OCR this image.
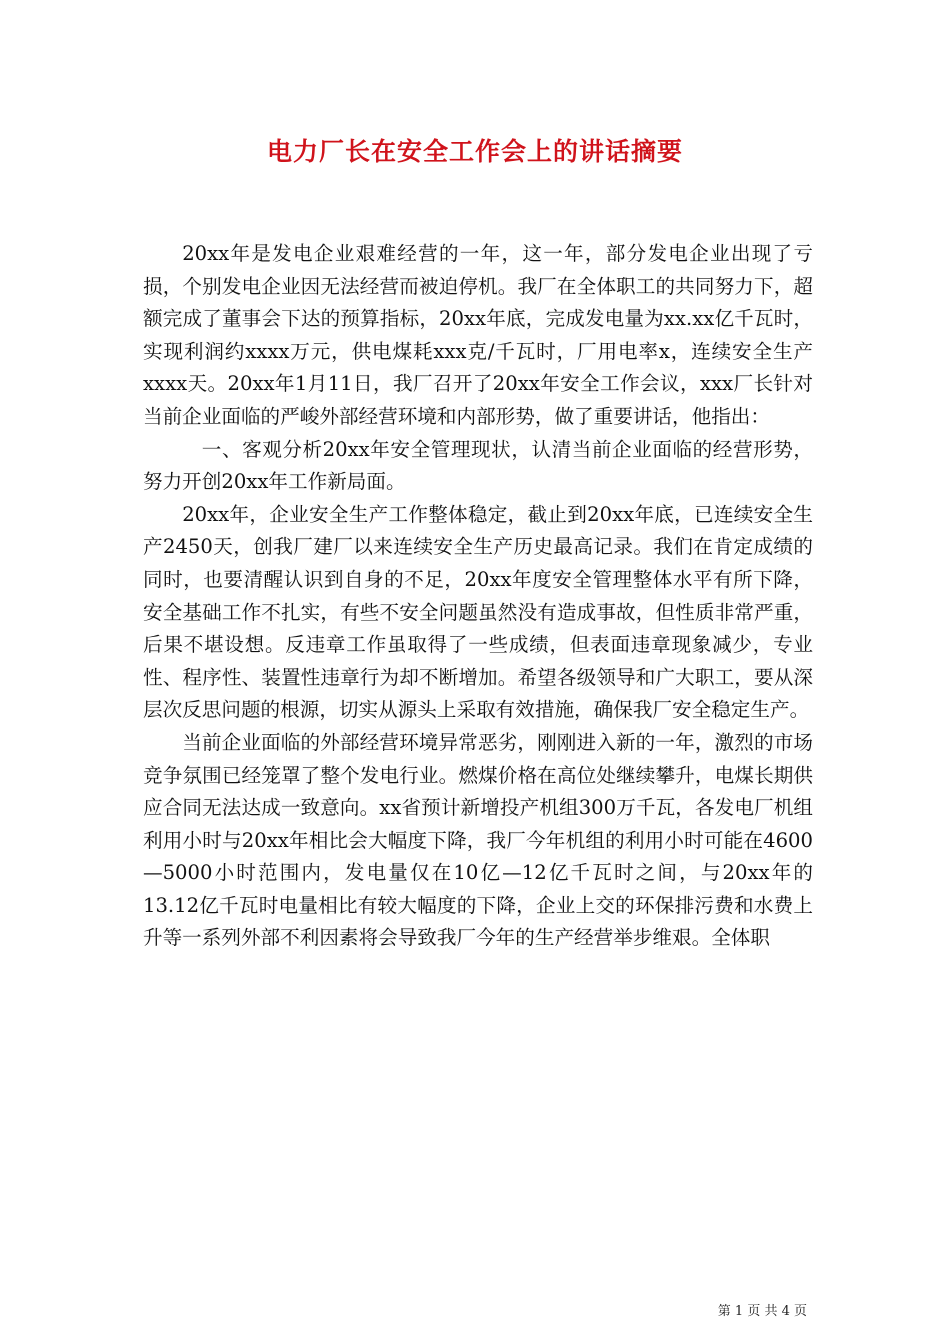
电力厂长在安全工作会上的讲话摘要

20xx年是发电企业艰难经营的一年，这一年，部分发电企业出现了亏损，个别发电企业因无法经营而被迫停机。我厂在全体职工的共同努力下，超额完成了董事会下达的预算指标，20xx年底，完成发电量为xx.xx亿千瓦时，实现利润约xxxx万元，供电煤耗xxx克/千瓦时，厂用电率x，连续安全生产xxxx天。20xx年1月11日，我厂召开了20xx年安全工作会议，xxx厂长针对当前企业面临的严峻外部经营环境和内部形势，做了重要讲话，他指出：

一、客观分析20xx年安全管理现状，认清当前企业面临的经营形势，努力开创20xx年工作新局面。

20xx年，企业安全生产工作整体稳定，截止到20xx年底，已连续安全生产2450天，创我厂建厂以来连续安全生产历史最高记录。我们在肯定成绩的同时，也要清醒认识到自身的不足，20xx年度安全管理整体水平有所下降，安全基础工作不扎实，有些不安全问题虽然没有造成事故，但性质非常严重，后果不堪设想。反违章工作虽取得了一些成绩，但表面违章现象减少，专业性、程序性、装置性违章行为却不断增加。希望各级领导和广大职工，要从深层次反思问题的根源，切实从源头上采取有效措施，确保我厂安全稳定生产。

当前企业面临的外部经营环境异常恶劣，刚刚进入新的一年，激烈的市场竞争氛围已经笼罩了整个发电行业。燃煤价格在高位处继续攀升，电煤长期供应合同无法达成一致意向。xx省预计新增投产机组300万千瓦，各发电厂机组利用小时与20xx年相比会大幅度下降，我厂今年机组的利用小时可能在4600—5000小时范围内，发电量仅在10亿—12亿千瓦时之间，与20xx年的13.12亿千瓦时电量相比有较大幅度的下降，企业上交的环保排污费和水费上升等一系列外部不利因素将会导致我厂今年的生产经营举步维艰。全体职

第 1 页 共 4 页
